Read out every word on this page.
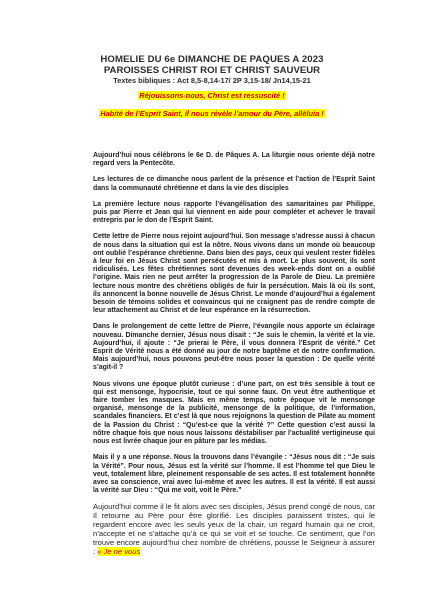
HOMELIE DU 6e DIMANCHE DE PAQUES A 2023
PAROISSES CHRIST ROI ET CHRIST SAUVEUR
Textes bibliques : Act 8,5-8,14-17/ 2P 3,15-18/ Jn14,15-21
Réjouissons-nous, Christ est ressuscité !
Habité de l’Esprit Saint, il nous révèle l’amour du Père, alléluia !

Aujourd’hui nous célébrons le 6e D. de Pâques A. La liturgie nous oriente déjà notre regard vers la Pentecôte.

Les lectures de ce dimanche nous parlent de la présence et l’action de l’Esprit Saint dans la communauté chrétienne et dans la vie des disciples

La première lecture nous rapporte l’évangélisation des samaritaines par Philippe, puis par Pierre et Jean qui lui viennent en aide pour compléter et achever le travail entrepris par le don de l’Esprit Saint.

Cette lettre de Pierre nous rejoint aujourd’hui. Son message s’adresse aussi à chacun de nous dans la situation qui est la nôtre. Nous vivons dans un monde où beaucoup ont oublié l’espérance chrétienne. Dans bien des pays, ceux qui veulent rester fidèles à leur foi en Jésus Christ sont persécutés et mis à mort. Le plus souvent, ils sont ridiculisés. Les fêtes chrétiennes sont devenues des week-ends dont on a oublié l’origine. Mais rien ne peut arrêter la progression de la Parole de Dieu. La première lecture nous montre des chrétiens obligés de fuir la persécution. Mais là où ils sont, ils annoncent la bonne nouvelle de Jésus Christ. Le monde d’aujourd’hui a également besoin de témoins solides et convaincus qui ne craignent pas de rendre compte de leur attachement au Christ et de leur espérance en la résurrection.

Dans le prolongement de cette lettre de Pierre, l’évangile nous apporte un éclairage nouveau. Dimanche dernier, Jésus nous disait : “Je suis le chemin, la vérité et la vie. Aujourd’hui, il ajoute : “Je prierai le Père, il vous donnera l’Esprit de vérité.” Cet Esprit de Vérité nous a été donné au jour de notre baptême et de notre confirmation. Mais aujourd’hui, nous pouvons peut-être nous poser la question : De quelle vérité s’agit-il ?

Nous vivons une époque plutôt curieuse : d’une part, on est très sensible à tout ce qui est mensonge, hypocrisie, tout ce qui sonne faux. On veut être authentique et faire tomber les masques. Mais en même temps, notre époque vit le mensonge organisé, mensonge de la publicité, mensonge de la politique, de l’information, scandales financiers. Et c’est là que nous rejoignons la question de Pilate au moment de la Passion du Christ : “Qu’est-ce que la vérité ?” Cette question c’est aussi la nôtre chaque fois que nous nous laissons déstabiliser par l’actualité vertigineuse qui nous est livrée chaque jour en pâture par les médias.

Mais il y a une réponse. Nous la trouvons dans l’évangile : “Jésus nous dit : “Je suis la Vérité”. Pour nous, Jésus est la vérité sur l’homme. Il est l’homme tel que Dieu le veut, totalement libre, pleinement responsable de ses actes. Il est totalement honnête avec sa conscience, vrai avec lui-même et avec les autres. Il est la vérité. Il est aussi la vérité sur Dieu : “Qui me voit, voit le Père.”

Aujourd’hui comme il le fit alors avec ses disciples, Jésus prend congé de nous, car Il retourne au Père pour être glorifié. Les disciples paraissent tristes, qui le regardent encore avec les seuls yeux de la chair, un regard humain qui ne croit, n’accepte et ne s’attache qu’à ce qui se voit et se touche. Ce sentiment, que l’on trouve encore aujourd’hui chez nombre de chrétiens, pousse le Seigneur à assurer : « Je ne vous
